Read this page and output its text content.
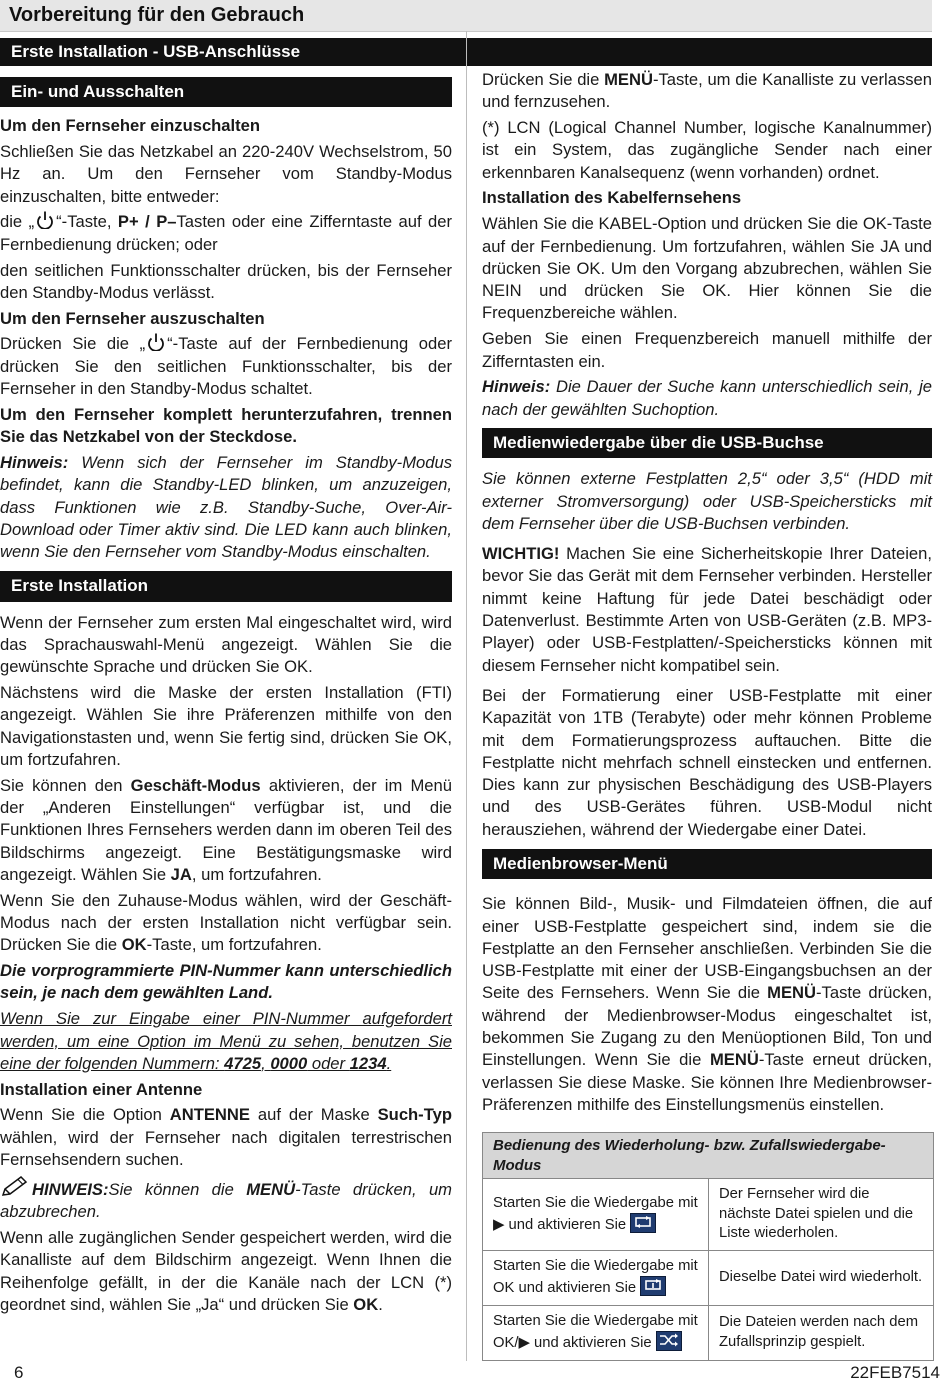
Vorbereitung für den Gebrauch
Erste Installation - USB-Anschlüsse
Ein- und Ausschalten

Um den Fernseher einzuschalten

Schließen Sie das Netzkabel an 220-240V Wechselstrom, 50 Hz an. Um den Fernseher vom Standby-Modus einzuschalten, bitte entweder:

die „ “-Taste, P+ / P–Tasten oder eine Zifferntaste auf der Fernbedienung drücken; oder

den seitlichen Funktionsschalter drücken, bis der Fernseher den Standby-Modus verlässt.

Um den Fernseher auszuschalten

Drücken Sie die „ “-Taste auf der Fernbedienung oder drücken Sie den seitlichen Funktionsschalter, bis der Fernseher in den Standby-Modus schaltet.

Um den Fernseher komplett herunterzufahren, trennen Sie das Netzkabel von der Steckdose.

Hinweis: Wenn sich der Fernseher im Standby-Modus befindet, kann die Standby-LED blinken, um anzuzeigen, dass Funktionen wie z.B. Standby-Suche, Over-Air-Download oder Timer aktiv sind. Die LED kann auch blinken, wenn Sie den Fernseher vom Standby-Modus einschalten.

Erste Installation

Wenn der Fernseher zum ersten Mal eingeschaltet wird, wird das Sprachauswahl-Menü angezeigt. Wählen Sie die gewünschte Sprache und drücken Sie OK.

Nächstens wird die Maske der ersten Installation (FTI) angezeigt. Wählen Sie ihre Präferenzen mithilfe von den Navigationstasten und, wenn Sie fertig sind, drücken Sie OK, um fortzufahren.

Sie können den Geschäft-Modus aktivieren, der im Menü der „Anderen Einstellungen“ verfügbar ist, und die Funktionen Ihres Fernsehers werden dann im oberen Teil des Bildschirms angezeigt. Eine Bestätigungsmaske wird angezeigt. Wählen Sie JA, um fortzufahren.

Wenn Sie den Zuhause-Modus wählen, wird der Geschäft-Modus nach der ersten Installation nicht verfügbar sein. Drücken Sie die OK-Taste, um fortzufahren.

Die vorprogrammierte PIN-Nummer kann unterschiedlich sein, je nach dem gewählten Land.

Wenn Sie zur Eingabe einer PIN-Nummer aufgefordert werden, um eine Option im Menü zu sehen, benutzen Sie eine der folgenden Nummern: 4725, 0000 oder 1234.

Installation einer Antenne

Wenn Sie die Option ANTENNE auf der Maske Such-Typ wählen, wird der Fernseher nach digitalen terrestrischen Fernsehsendern suchen.

HINWEIS:Sie können die MENÜ-Taste drücken, um abzubrechen.

Wenn alle zugänglichen Sender gespeichert werden, wird die Kanalliste auf dem Bildschirm angezeigt. Wenn Ihnen die Reihenfolge gefällt, in der die Kanäle nach der LCN (*) geordnet sind, wählen Sie „Ja“ und drücken Sie OK.

Drücken Sie die MENÜ-Taste, um die Kanalliste zu verlassen und fernzusehen.

(*) LCN (Logical Channel Number, logische Kanalnummer) ist ein System, das zugängliche Sender nach einer erkennbaren Kanalsequenz (wenn vorhanden) ordnet.

Installation des Kabelfernsehens

Wählen Sie die KABEL-Option und drücken Sie die OK-Taste auf der Fernbedienung. Um fortzufahren, wählen Sie JA und drücken Sie OK. Um den Vorgang abzubrechen, wählen Sie NEIN und drücken Sie OK. Hier können Sie die Frequenzbereiche wählen.

Geben Sie einen Frequenzbereich manuell mithilfe der Zifferntasten ein.

Hinweis: Die Dauer der Suche kann unterschiedlich sein, je nach der gewählten Suchoption.

Medienwiedergabe über die USB-Buchse

Sie können externe Festplatten 2,5“ oder 3,5“ (HDD mit externer Stromversorgung) oder USB-Speichersticks mit dem Fernseher über die USB-Buchsen verbinden.

WICHTIG! Machen Sie eine Sicherheitskopie Ihrer Dateien, bevor Sie das Gerät mit dem Fernseher verbinden. Hersteller nimmt keine Haftung für jede Datei beschädigt oder Datenverlust. Bestimmte Arten von USB-Geräten (z.B. MP3-Player) oder USB-Festplatten/-Speichersticks können mit diesem Fernseher nicht kompatibel sein.

Bei der Formatierung einer USB-Festplatte mit einer Kapazität von 1TB (Terabyte) oder mehr können Probleme mit dem Formatierungsprozess auftauchen. Bitte die Festplatte nicht mehrfach schnell einstecken und entfernen. Dies kann zur physischen Beschädigung des USB-Players und des USB-Gerätes führen. USB-Modul nicht herausziehen, während der Wiedergabe einer Datei.

Medienbrowser-Menü

Sie können Bild-, Musik- und Filmdateien öffnen, die auf einer USB-Festplatte gespeichert sind, indem sie die Festplatte an den Fernseher anschließen. Verbinden Sie die USB-Festplatte mit einer der USB-Eingangsbuchsen an der Seite des Fernsehers. Wenn Sie die MENÜ-Taste drücken, während der Medienbrowser-Modus eingeschaltet ist, bekommen Sie Zugang zu den Menüoptionen Bild, Ton und Einstellungen. Wenn Sie die MENÜ-Taste erneut drücken, verlassen Sie diese Maske. Sie können Ihre Medienbrowser-Präferenzen mithilfe des Einstellungsmenüs einstellen.

Bedienung des Wiederholung- bzw. Zufallswiedergabe-Modus	
Starten Sie die Wiedergabe mit ▶ und aktivieren Sie	Der Fernseher wird die nächste Datei spielen und die Liste wiederholen.
Starten Sie die Wiedergabe mit OK und aktivieren Sie	Dieselbe Datei wird wiederholt.
Starten Sie die Wiedergabe mit OK/▶ und aktivieren Sie	Die Dateien werden nach dem Zufallsprinzip gespielt.
6	22FEB7514
